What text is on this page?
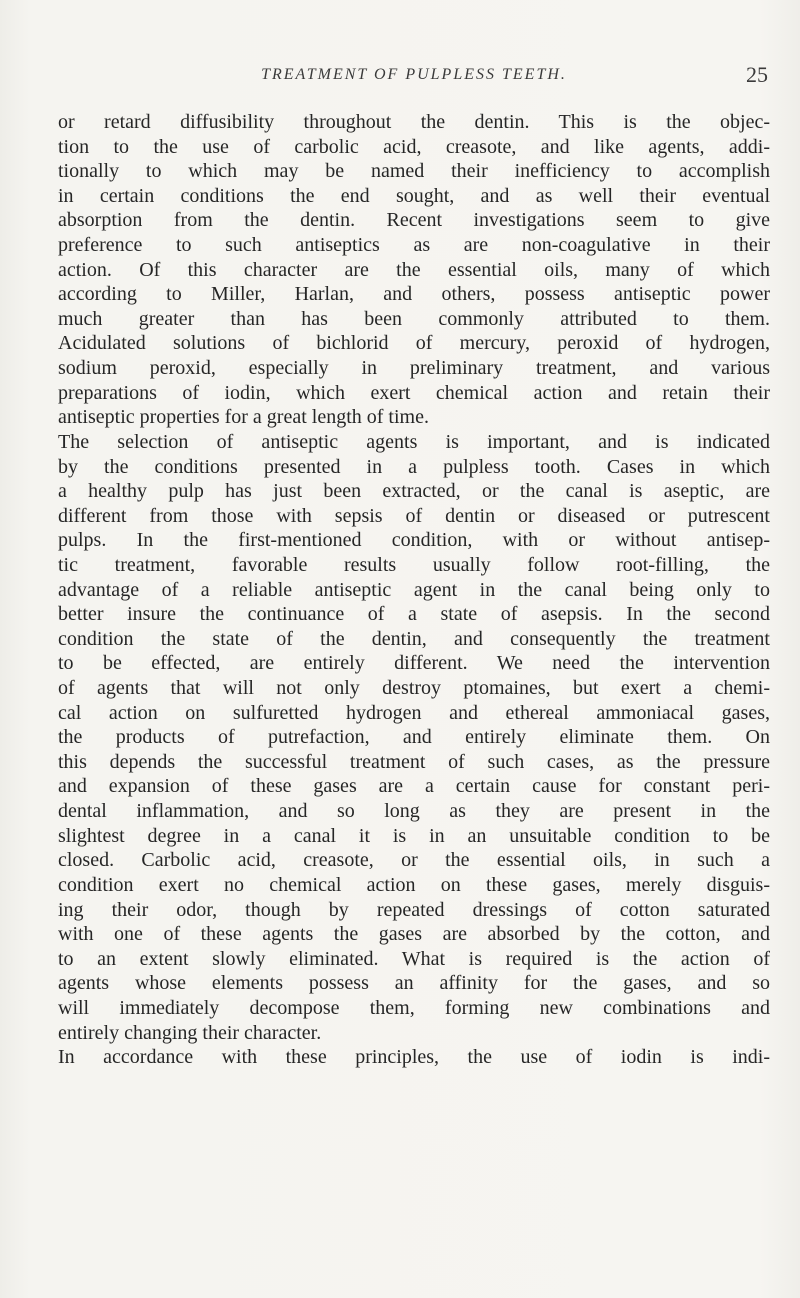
TREATMENT OF PULPLESS TEETH.	25
or retard diffusibility throughout the dentin. This is the objec-
tion to the use of carbolic acid, creasote, and like agents, addi-
tionally to which may be named their inefficiency to accomplish
in certain conditions the end sought, and as well their eventual
absorption from the dentin. Recent investigations seem to give
preference to such antiseptics as are non-coagulative in their
action. Of this character are the essential oils, many of which
according to Miller, Harlan, and others, possess antiseptic power
much greater than has been commonly attributed to them.
Acidulated solutions of bichlorid of mercury, peroxid of hydrogen,
sodium peroxid, especially in preliminary treatment, and various
preparations of iodin, which exert chemical action and retain their
antiseptic properties for a great length of time.
The selection of antiseptic agents is important, and is indicated
by the conditions presented in a pulpless tooth. Cases in which
a healthy pulp has just been extracted, or the canal is aseptic, are
different from those with sepsis of dentin or diseased or putrescent
pulps. In the first-mentioned condition, with or without antisep-
tic treatment, favorable results usually follow root-filling, the
advantage of a reliable antiseptic agent in the canal being only to
better insure the continuance of a state of asepsis. In the second
condition the state of the dentin, and consequently the treatment
to be effected, are entirely different. We need the intervention
of agents that will not only destroy ptomaines, but exert a chemi-
cal action on sulfuretted hydrogen and ethereal ammoniacal gases,
the products of putrefaction, and entirely eliminate them. On
this depends the successful treatment of such cases, as the pressure
and expansion of these gases are a certain cause for constant peri-
dental inflammation, and so long as they are present in the
slightest degree in a canal it is in an unsuitable condition to be
closed. Carbolic acid, creasote, or the essential oils, in such a
condition exert no chemical action on these gases, merely disguis-
ing their odor, though by repeated dressings of cotton saturated
with one of these agents the gases are absorbed by the cotton, and
to an extent slowly eliminated. What is required is the action of
agents whose elements possess an affinity for the gases, and so
will immediately decompose them, forming new combinations and
entirely changing their character.
In accordance with these principles, the use of iodin is indi-
